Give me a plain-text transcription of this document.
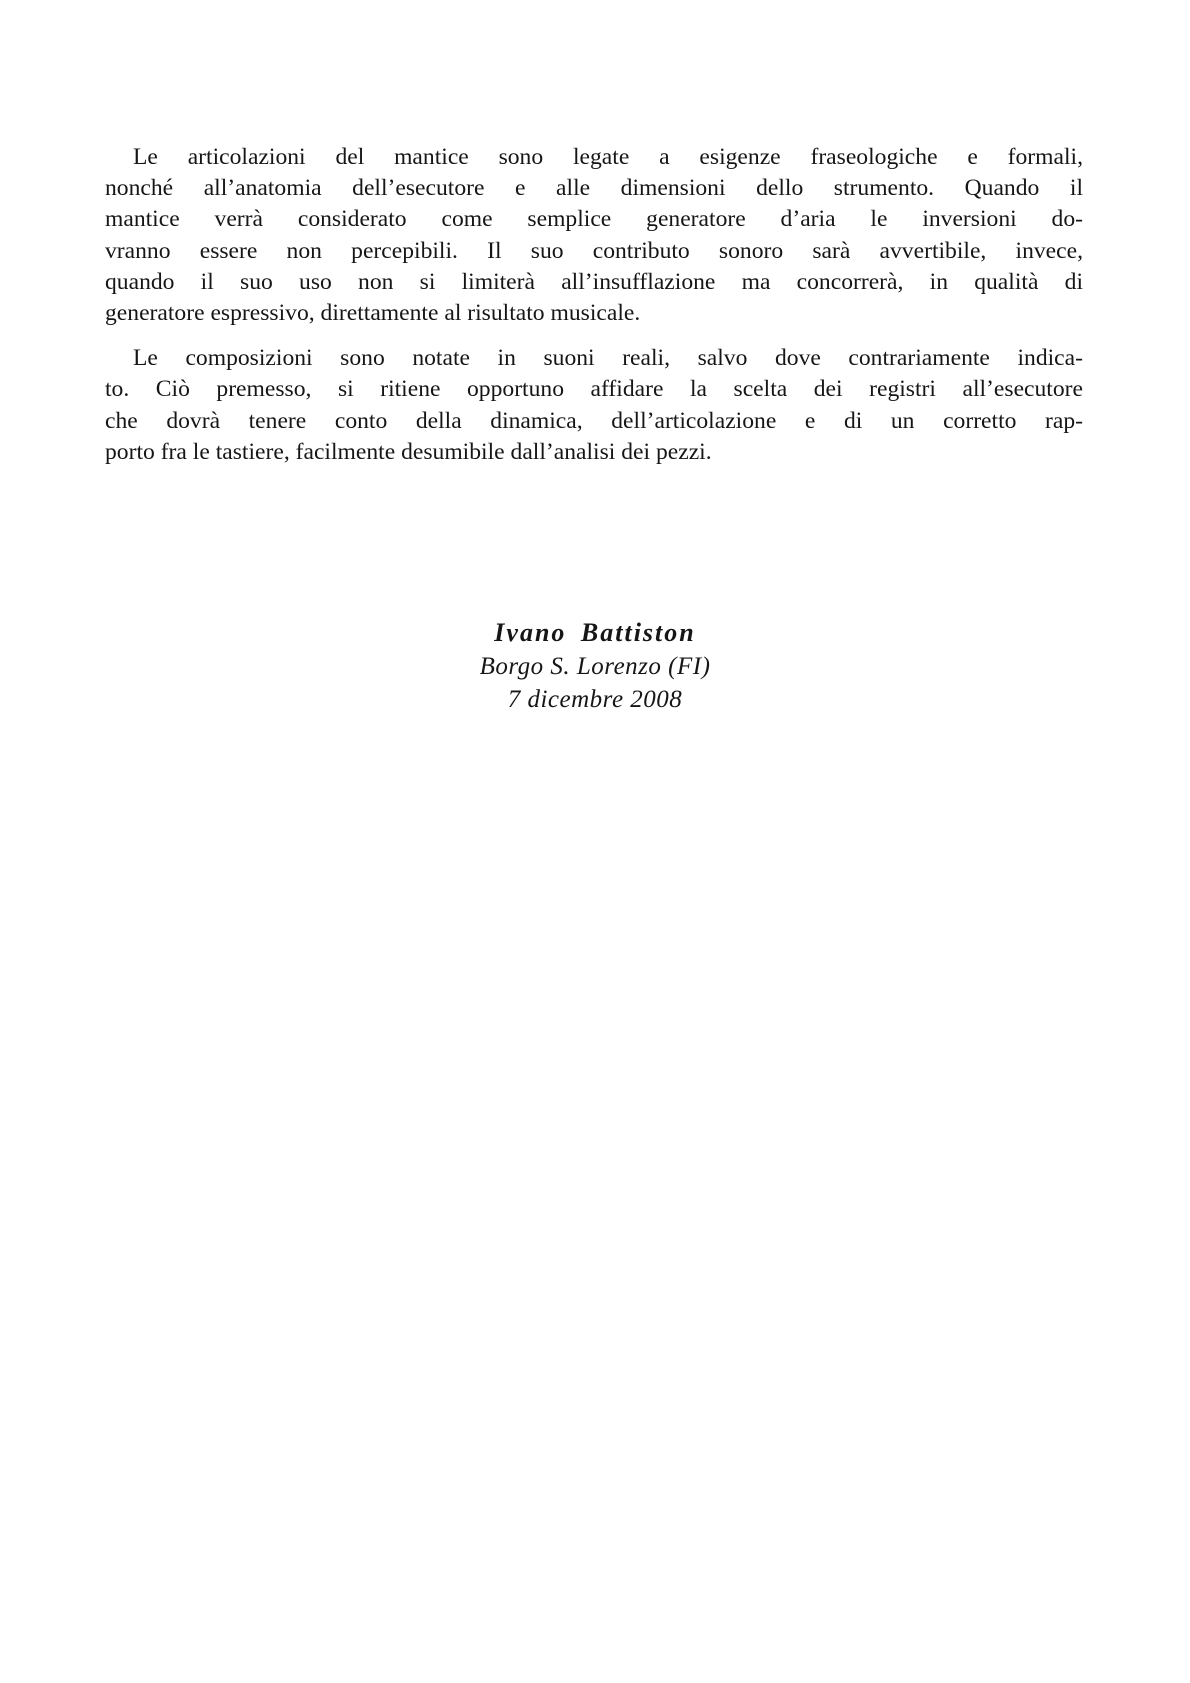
Le articolazioni del mantice sono legate a esigenze fraseologiche e formali,
nonché all’anatomia dell’esecutore e alle dimensioni dello strumento. Quando il
mantice verrà considerato come semplice generatore d’aria le inversioni do-
vranno essere non percepibili. Il suo contributo sonoro sarà avvertibile, invece,
quando il suo uso non si limiterà all’insufflazione ma concorrerà, in qualità di
generatore espressivo, direttamente al risultato musicale.

Le composizioni sono notate in suoni reali, salvo dove contrariamente indica-
to. Ciò premesso, si ritiene opportuno affidare la scelta dei registri all’esecutore
che dovrà tenere conto della dinamica, dell’articolazione e di un corretto rap-
porto fra le tastiere, facilmente desumibile dall’analisi dei pezzi.

Ivano Battiston
Borgo S. Lorenzo (FI)
7 dicembre 2008
